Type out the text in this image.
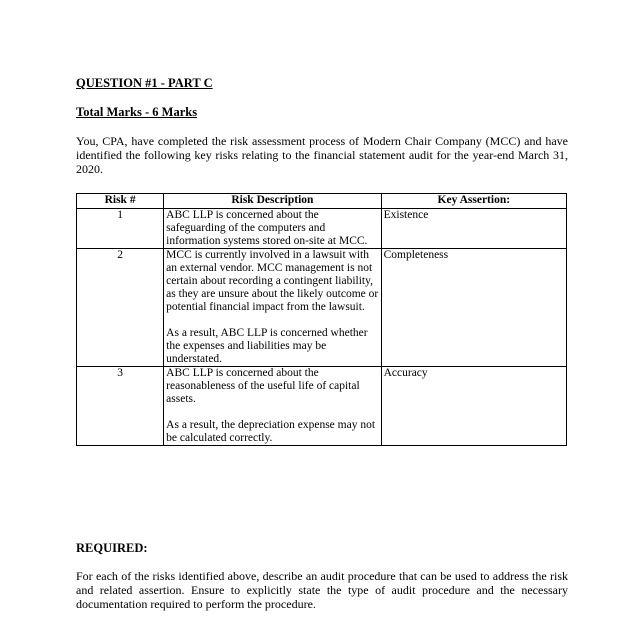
QUESTION #1 - PART C
Total Marks - 6 Marks
You, CPA, have completed the risk assessment process of Modern Chair Company (MCC) and have identified the following key risks relating to the financial statement audit for the year-end March 31, 2020.
Risk #	Risk Description	Key Assertion:
1	ABC LLP is concerned about the safeguarding of the computers and information systems stored on-site at MCC.	Existence
2	MCC is currently involved in a lawsuit with an external vendor. MCC management is not certain about recording a contingent liability, as they are unsure about the likely outcome or potential financial impact from the lawsuit.

As a result, ABC LLP is concerned whether the expenses and liabilities may be understated.	Completeness
3	ABC LLP is concerned about the reasonableness of the useful life of capital assets.

As a result, the depreciation expense may not be calculated correctly.	Accuracy
REQUIRED:
For each of the risks identified above, describe an audit procedure that can be used to address the risk and related assertion. Ensure to explicitly state the type of audit procedure and the necessary documentation required to perform the procedure.
